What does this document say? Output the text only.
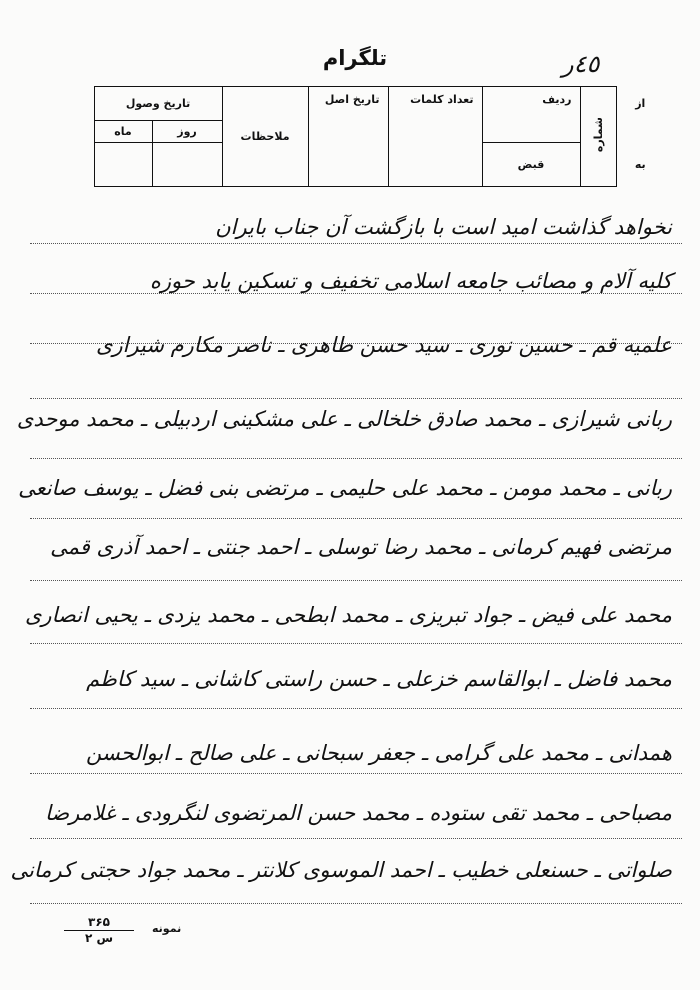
تلگرام	٤٥ر
از	شماره	ردیف	تعداد کلمات	تاریخ اصل	ملاحظات	تاریخ وصول		
						روز	ماه	
به		قبض						
نخواهد گذاشت امید است با بازگشت آن جناب بایران
کلیه آلام و مصائب جامعه اسلامی تخفیف و تسکین یابد حوزه
علمیه قم ـ حسین نوری ـ سید حسن طاهری ـ ناصر مکارم شیرازی
ربانی شیرازی ـ محمد صادق خلخالی ـ علی مشکینی اردبیلی ـ محمد موحدی
ربانی ـ محمد مومن ـ محمد علی حلیمی ـ مرتضی بنی فضل ـ یوسف صانعی
مرتضی فهیم کرمانی ـ محمد رضا توسلی ـ احمد جنتی ـ احمد آذری قمی
محمد علی فیض ـ جواد تبریزی ـ محمد ابطحی ـ محمد یزدی ـ یحیی انصاری
محمد فاضل ـ ابوالقاسم خزعلی ـ حسن راستی کاشانی ـ سید کاظم
همدانی ـ محمد علی گرامی ـ جعفر سبحانی ـ علی صالح ـ ابوالحسن
مصباحی ـ محمد تقی ستوده ـ محمد حسن المرتضوی لنگرودی ـ غلامرضا
صلواتی ـ حسنعلی خطیب ـ احمد الموسوی کلانتر ـ محمد جواد حجتی کرمانی
۳۶۵
س ۲
نمونه
